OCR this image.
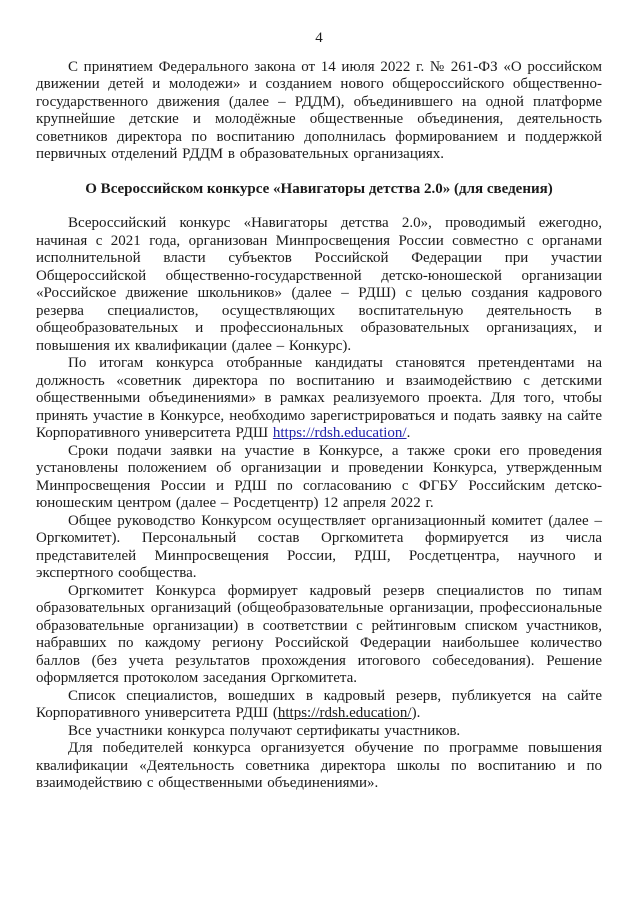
4

С принятием Федерального закона от 14 июля 2022 г. № 261-ФЗ «О российском движении детей и молодежи» и созданием нового общероссийского общественно-государственного движения (далее – РДДМ), объединившего на одной платформе крупнейшие детские и молодёжные общественные объединения, деятельность советников директора по воспитанию дополнилась формированием и поддержкой первичных отделений РДДМ в образовательных организациях.

О Всероссийском конкурсе «Навигаторы детства 2.0» (для сведения)

Всероссийский конкурс «Навигаторы детства 2.0», проводимый ежегодно, начиная с 2021 года, организован Минпросвещения России совместно с органами исполнительной власти субъектов Российской Федерации при участии Общероссийской общественно-государственной детско-юношеской организации «Российское движение школьников» (далее – РДШ) с целью создания кадрового резерва специалистов, осуществляющих воспитательную деятельность в общеобразовательных и профессиональных образовательных организациях, и повышения их квалификации (далее – Конкурс).

По итогам конкурса отобранные кандидаты становятся претендентами на должность «советник директора по воспитанию и взаимодействию с детскими общественными объединениями» в рамках реализуемого проекта. Для того, чтобы принять участие в Конкурсе, необходимо зарегистрироваться и подать заявку на сайте Корпоративного университета РДШ https://rdsh.education/.

Сроки подачи заявки на участие в Конкурсе, а также сроки его проведения установлены положением об организации и проведении Конкурса, утвержденным Минпросвещения России и РДШ по согласованию с ФГБУ Российским детско-юношеским центром (далее – Росдетцентр) 12 апреля 2022 г.

Общее руководство Конкурсом осуществляет организационный комитет (далее – Оргкомитет). Персональный состав Оргкомитета формируется из числа представителей Минпросвещения России, РДШ, Росдетцентра, научного и экспертного сообщества.

Оргкомитет Конкурса формирует кадровый резерв специалистов по типам образовательных организаций (общеобразовательные организации, профессиональные образовательные организации) в соответствии с рейтинговым списком участников, набравших по каждому региону Российской Федерации наибольшее количество баллов (без учета результатов прохождения итогового собеседования). Решение оформляется протоколом заседания Оргкомитета.

Список специалистов, вошедших в кадровый резерв, публикуется на сайте Корпоративного университета РДШ (https://rdsh.education/).

Все участники конкурса получают сертификаты участников.

Для победителей конкурса организуется обучение по программе повышения квалификации «Деятельность советника директора школы по воспитанию и по взаимодействию с общественными объединениями».
